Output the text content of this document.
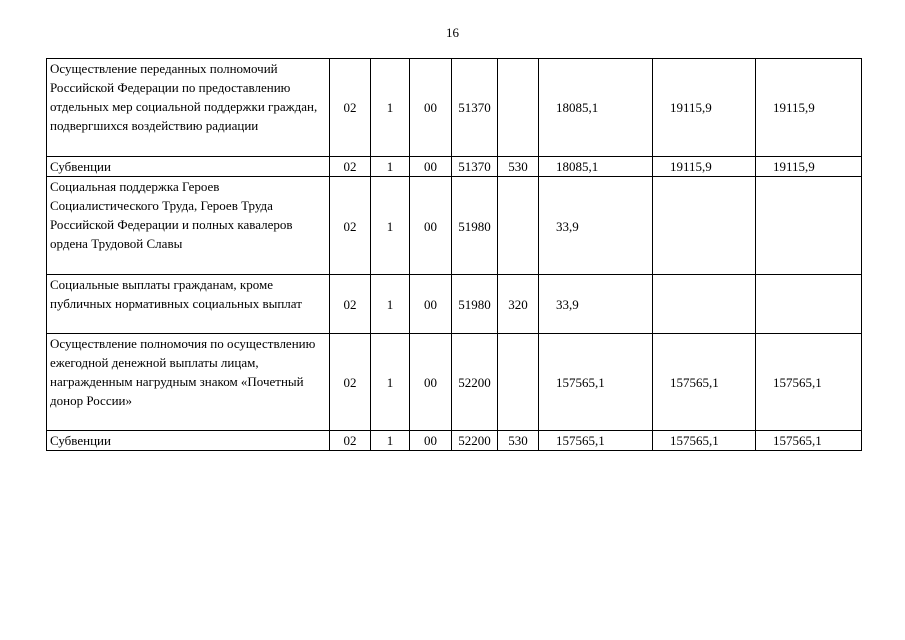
16
Осуществление переданных полномочий Российской Федерации по предоставлению отдельных мер социальной поддержки граждан, подвергшихся воздействию радиации	02	1	00	51370		18085,1	19115,9	19115,9
Субвенции	02	1	00	51370	530	18085,1	19115,9	19115,9
Социальная поддержка Героев Социалистического Труда, Героев Труда Российской Федерации и полных кавалеров ордена Трудовой Славы	02	1	00	51980		33,9		
Социальные выплаты гражданам, кроме публичных нормативных социальных выплат	02	1	00	51980	320	33,9		
Осуществление полномочия по осуществлению ежегодной денежной выплаты лицам, награжденным нагрудным знаком «Почетный донор России»	02	1	00	52200		157565,1	157565,1	157565,1
Субвенции	02	1	00	52200	530	157565,1	157565,1	157565,1
